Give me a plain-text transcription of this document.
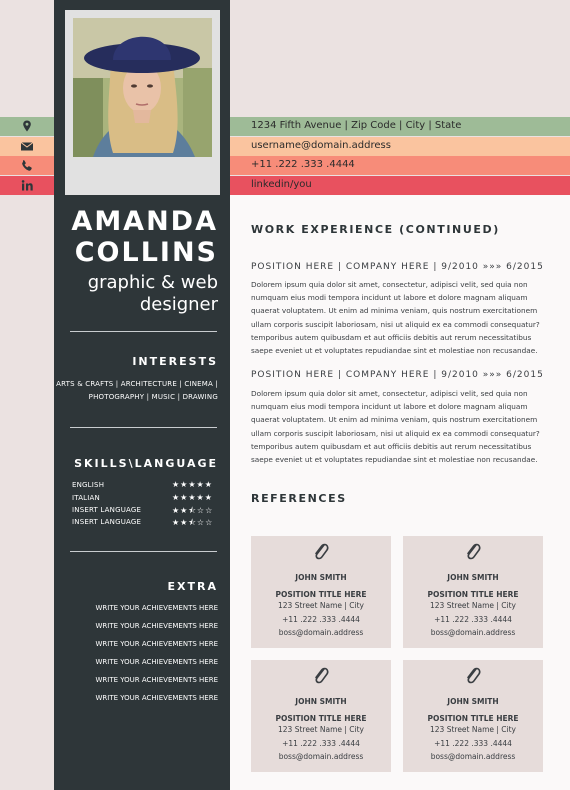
1234 Fifth Avenue | Zip Code | City | State
username@domain.address
+11 .222 .333 .4444
linkedin/you
AMANDA
COLLINS
graphic & web
designer
INTERESTS
ARTS & CRAFTS | ARCHITECTURE | CINEMA |
PHOTOGRAPHY | MUSIC | DRAWING
SKILLS\LANGUAGE
ENGLISH	★★★★★
ITALIAN	★★★★★
INSERT LANGUAGE	★★⯪☆☆
INSERT LANGUAGE	★★⯪☆☆
EXTRA
WRITE YOUR ACHIEVEMENTS HERE
WRITE YOUR ACHIEVEMENTS HERE
WRITE YOUR ACHIEVEMENTS HERE
WRITE YOUR ACHIEVEMENTS HERE
WRITE YOUR ACHIEVEMENTS HERE
WRITE YOUR ACHIEVEMENTS HERE
WORK EXPERIENCE (CONTINUED)
POSITION HERE | COMPANY HERE | 9/2010 »»» 6/2015
Dolorem ipsum quia dolor sit amet, consectetur, adipisci velit, sed quia non
numquam eius modi tempora incidunt ut labore et dolore magnam aliquam
quaerat voluptatem. Ut enim ad minima veniam, quis nostrum exercitationem
ullam corporis suscipit laboriosam, nisi ut aliquid ex ea commodi consequatur?
temporibus autem quibusdam et aut officiis debitis aut rerum necessitatibus
saepe eveniet ut et voluptates repudiandae sint et molestiae non recusandae.
POSITION HERE | COMPANY HERE | 9/2010 »»» 6/2015
Dolorem ipsum quia dolor sit amet, consectetur, adipisci velit, sed quia non
numquam eius modi tempora incidunt ut labore et dolore magnam aliquam
quaerat voluptatem. Ut enim ad minima veniam, quis nostrum exercitationem
ullam corporis suscipit laboriosam, nisi ut aliquid ex ea commodi consequatur?
temporibus autem quibusdam et aut officiis debitis aut rerum necessitatibus
saepe eveniet ut et voluptates repudiandae sint et molestiae non recusandae.
REFERENCES
JOHN SMITH
POSITION TITLE HERE
123 Street Name | City
+11 .222 .333 .4444
boss@domain.address
JOHN SMITH
POSITION TITLE HERE
123 Street Name | City
+11 .222 .333 .4444
boss@domain.address
JOHN SMITH
POSITION TITLE HERE
123 Street Name | City
+11 .222 .333 .4444
boss@domain.address
JOHN SMITH
POSITION TITLE HERE
123 Street Name | City
+11 .222 .333 .4444
boss@domain.address
